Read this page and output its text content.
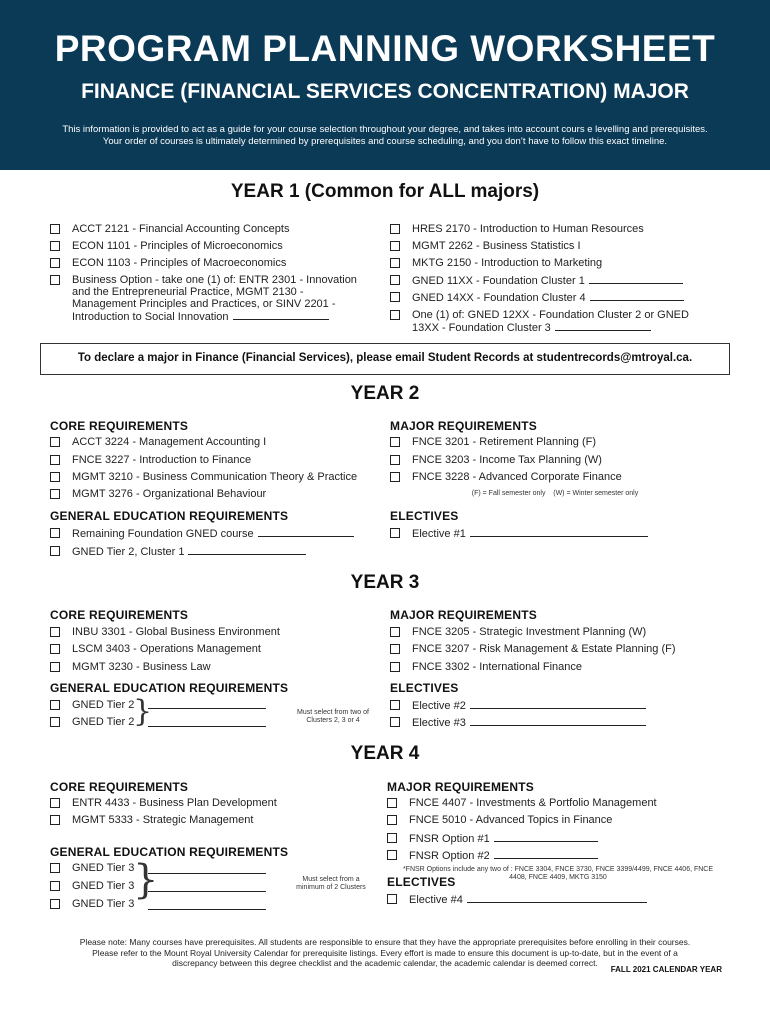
PROGRAM PLANNING WORKSHEET
FINANCE (FINANCIAL SERVICES CONCENTRATION) MAJOR
This information is provided to act as a guide for your course selection throughout your degree, and takes into account cours e levelling and prerequisites.
Your order of courses is ultimately determined by prerequisites and course scheduling, and you don’t have to follow this exact timeline.
YEAR 1 (Common for ALL majors)
ACCT 2121 - Financial Accounting Concepts
ECON 1101 - Principles of Microeconomics
ECON 1103 - Principles of Macroeconomics
Business Option - take one (1) of: ENTR 2301 - Innovation
and the Entrepreneurial Practice, MGMT 2130 -
Management Principles and Practices, or SINV 2201 -
Introduction to Social Innovation
HRES 2170 - Introduction to Human Resources
MGMT 2262 - Business Statistics I
MKTG 2150 - Introduction to Marketing
GNED 11XX - Foundation Cluster 1
GNED 14XX - Foundation Cluster 4
One (1) of: GNED 12XX - Foundation Cluster 2 or GNED
13XX - Foundation Cluster 3
To declare a major in Finance (Financial Services), please email Student Records at studentrecords@mtroyal.ca.
YEAR 2
CORE REQUIREMENTS
ACCT 3224 - Management Accounting I
FNCE 3227 - Introduction to Finance
MGMT 3210 - Business Communication Theory & Practice
MGMT 3276 - Organizational Behaviour
MAJOR REQUIREMENTS
FNCE 3201 - Retirement Planning (F)
FNCE 3203 - Income Tax Planning (W)
FNCE 3228 - Advanced Corporate Finance
(F) = Fall semester only    (W) = Winter semester only
GENERAL EDUCATION REQUIREMENTS
Remaining Foundation GNED course
GNED Tier 2, Cluster 1
ELECTIVES
Elective #1
YEAR 3
CORE REQUIREMENTS
INBU 3301 - Global Business Environment
LSCM 3403 - Operations Management
MGMT 3230 - Business Law
MAJOR REQUIREMENTS
FNCE 3205 - Strategic Investment Planning (W)
FNCE 3207 - Risk Management & Estate Planning (F)
FNCE 3302 - International Finance
GENERAL EDUCATION REQUIREMENTS
GNED Tier 2
GNED Tier 2
}	Must select from two of
Clusters 2, 3 or 4
ELECTIVES
Elective #2
Elective #3
YEAR 4
CORE REQUIREMENTS
ENTR 4433 - Business Plan Development
MGMT 5333 - Strategic Management
MAJOR REQUIREMENTS
FNCE 4407 - Investments & Portfolio Management
FNCE 5010 - Advanced Topics in Finance
FNSR Option #1
FNSR Option #2
*FNSR Options include any two of : FNCE 3304, FNCE 3730, FNCE 3399/4499, FNCE 4406, FNCE
4408, FNCE 4409, MKTG 3150
GENERAL EDUCATION REQUIREMENTS
GNED Tier 3
GNED Tier 3
GNED Tier 3
}	Must select from a
minimum of 2 Clusters	ELECTIVES
Elective #4
Please note: Many courses have prerequisites. All students are responsible to ensure that they have the appropriate prerequisites before enrolling in their courses.
Please refer to the Mount Royal University Calendar for prerequisite listings. Every effort is made to ensure this document is up-to-date, but in the event of a
discrepancy between this degree checklist and the academic calendar, the academic calendar is deemed correct.
FALL 2021 CALENDAR YEAR
